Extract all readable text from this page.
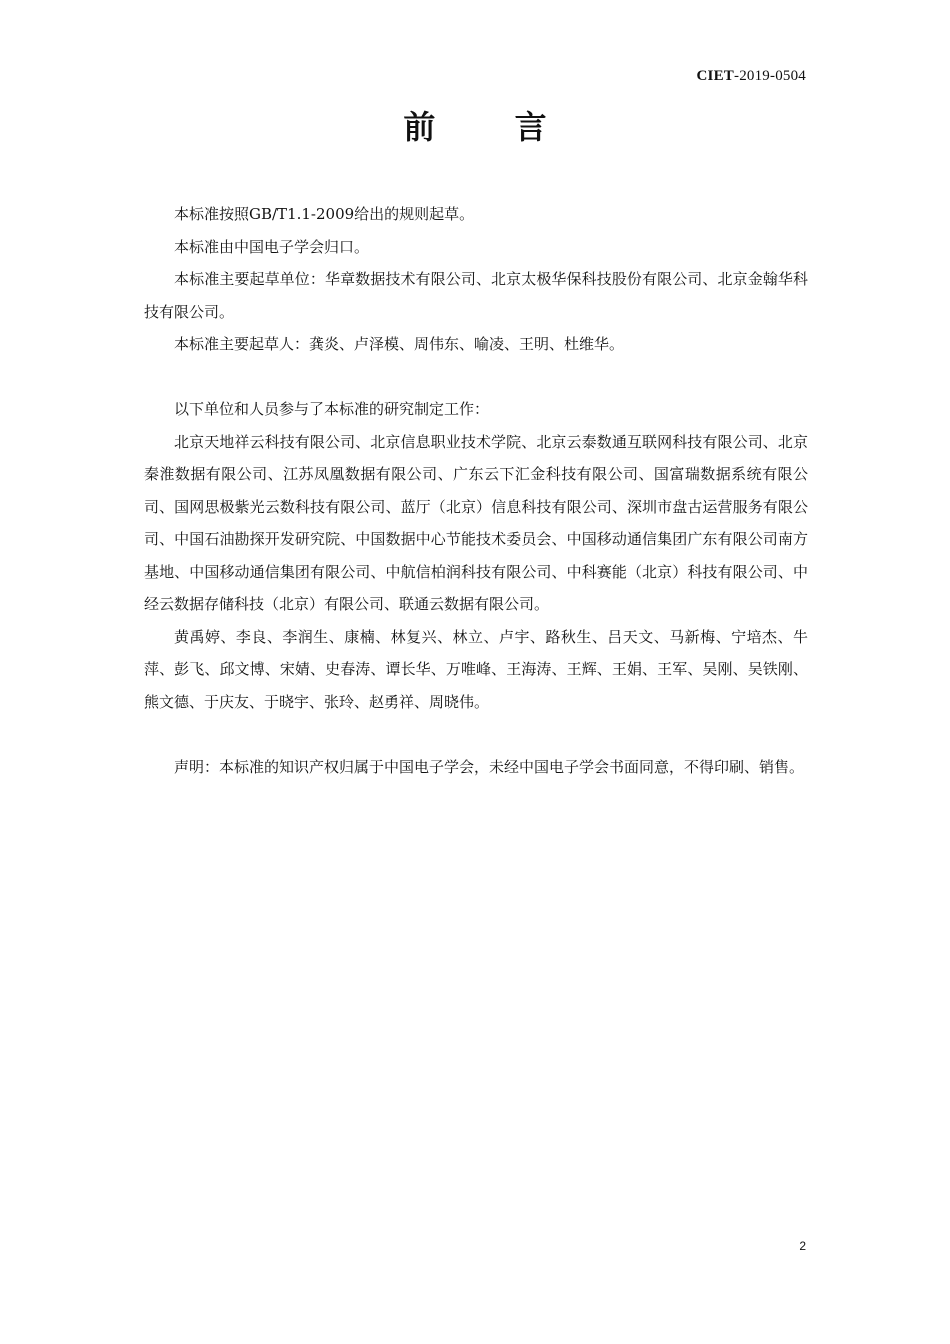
CIET-2019-0504
前 言

本标准按照GB/T1.1-2009给出的规则起草。

本标准由中国电子学会归口。

本标准主要起草单位：华章数据技术有限公司、北京太极华保科技股份有限公司、北京金翰华科技有限公司。

本标准主要起草人：龚炎、卢泽模、周伟东、喻凌、王明、杜维华。

以下单位和人员参与了本标准的研究制定工作：

北京天地祥云科技有限公司、北京信息职业技术学院、北京云泰数通互联网科技有限公司、北京秦淮数据有限公司、江苏凤凰数据有限公司、广东云下汇金科技有限公司、国富瑞数据系统有限公司、国网思极紫光云数科技有限公司、蓝厅（北京）信息科技有限公司、深圳市盘古运营服务有限公司、中国石油勘探开发研究院、中国数据中心节能技术委员会、中国移动通信集团广东有限公司南方基地、中国移动通信集团有限公司、中航信柏润科技有限公司、中科赛能（北京）科技有限公司、中经云数据存储科技（北京）有限公司、联通云数据有限公司。

黄禹婷、李良、李润生、康楠、林复兴、林立、卢宇、路秋生、吕天文、马新梅、宁培杰、牛萍、彭飞、邱文博、宋婧、史春涛、谭长华、万唯峰、王海涛、王辉、王娟、王军、吴刚、吴铁刚、熊文德、于庆友、于晓宇、张玲、赵勇祥、周晓伟。

声明：本标准的知识产权归属于中国电子学会，未经中国电子学会书面同意，不得印刷、销售。

2
